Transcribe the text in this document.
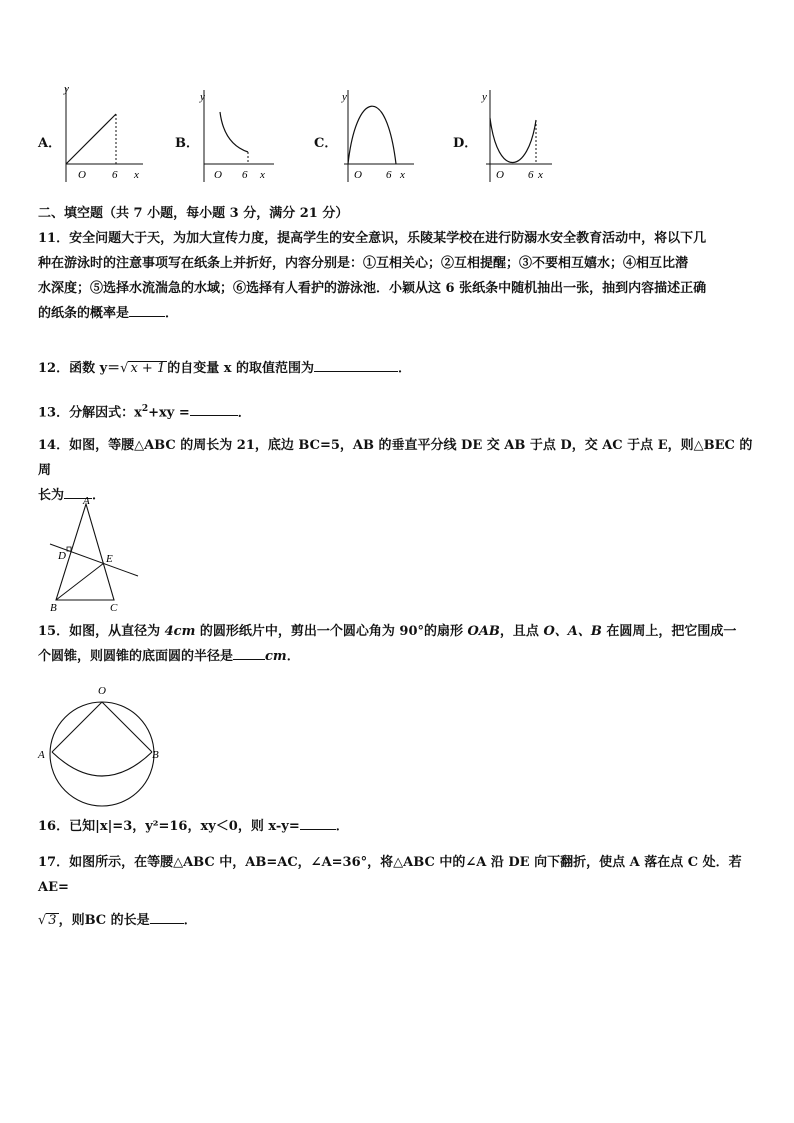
A．
y
O 6 x
B．
y
O 6 x
C．
y
O 6 x
D．
y
O 6 x
二、填空题（共 7 小题，每小题 3 分，满分 21 分）
11．安全问题大于天，为加大宣传力度，提高学生的安全意识，乐陵某学校在进行防溺水安全教育活动中，将以下几
种在游泳时的注意事项写在纸条上并折好，内容分别是：①互相关心；②互相提醒；③不要相互嬉水；④相互比潜
水深度；⑤选择水流湍急的水域；⑥选择有人看护的游泳池．小颖从这 6 张纸条中随机抽出一张，抽到内容描述正确
的纸条的概率是	．
12．函数 y＝√ x + 1 的自变量 x 的取值范围为	．
13．分解因式：$x^2+xy$ =	．
14．如图，等腰△ABC 的周长为 21，底边 BC=5，AB 的垂直平分线 DE 交 AB 于点 D，交 AC 于点 E，则△BEC 的周
长为 ．
A
B	C
D	E
15．如图，从直径为 4cm 的圆形纸片中，剪出一个圆心角为 90°的扇形 OAB，且点 O、A、B 在圆周上，把它围成一
个圆锥，则圆锥的底面圆的半径是 cm．
O
A	B
16．已知|x|=3，y²=16，xy＜0，则 x-y=	．
17．如图所示，在等腰△ABC 中，AB=AC，∠A=36°，将△ABC 中的∠A 沿 DE 向下翻折，使点 A 落在点 C 处．若 AE=
√ 3 ，则BC 的长是	．
